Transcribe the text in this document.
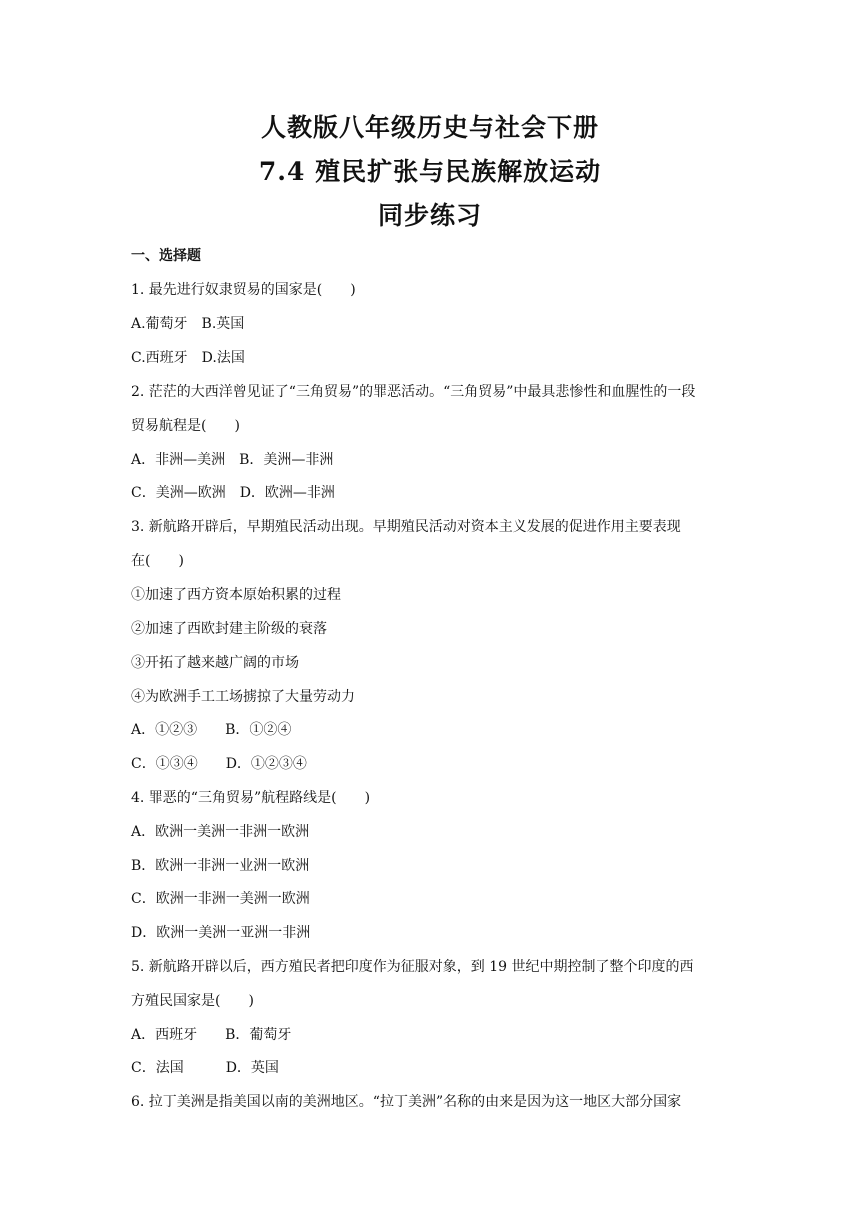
人教版八年级历史与社会下册
7.4 殖民扩张与民族解放运动
同步练习
一、选择题
1. 最先进行奴隶贸易的国家是(　　)
A.葡萄牙　B.英国
C.西班牙　D.法国
2. 茫茫的大西洋曾见证了“三角贸易”的罪恶活动。“三角贸易”中最具悲惨性和血腥性的一段
贸易航程是(　　)
A．非洲—美洲　B．美洲—非洲
C．美洲—欧洲　D．欧洲—非洲
3. 新航路开辟后，早期殖民活动出现。早期殖民活动对资本主义发展的促进作用主要表现
在(　　)
①加速了西方资本原始积累的过程
②加速了西欧封建主阶级的衰落
③开拓了越来越广阔的市场
④为欧洲手工工场掳掠了大量劳动力
A．①②③　　B．①②④
C．①③④　　D．①②③④
4. 罪恶的“三角贸易”航程路线是(　　)
A．欧洲一美洲一非洲一欧洲
B．欧洲一非洲一业洲一欧洲
C．欧洲一非洲一美洲一欧洲
D．欧洲一美洲一亚洲一非洲
5. 新航路开辟以后，西方殖民者把印度作为征服对象，到 19 世纪中期控制了整个印度的西
方殖民国家是(　　)
A．西班牙　　B．葡萄牙
C．法国　　　D．英国
6. 拉丁美洲是指美国以南的美洲地区。“拉丁美洲”名称的由来是因为这一地区大部分国家
